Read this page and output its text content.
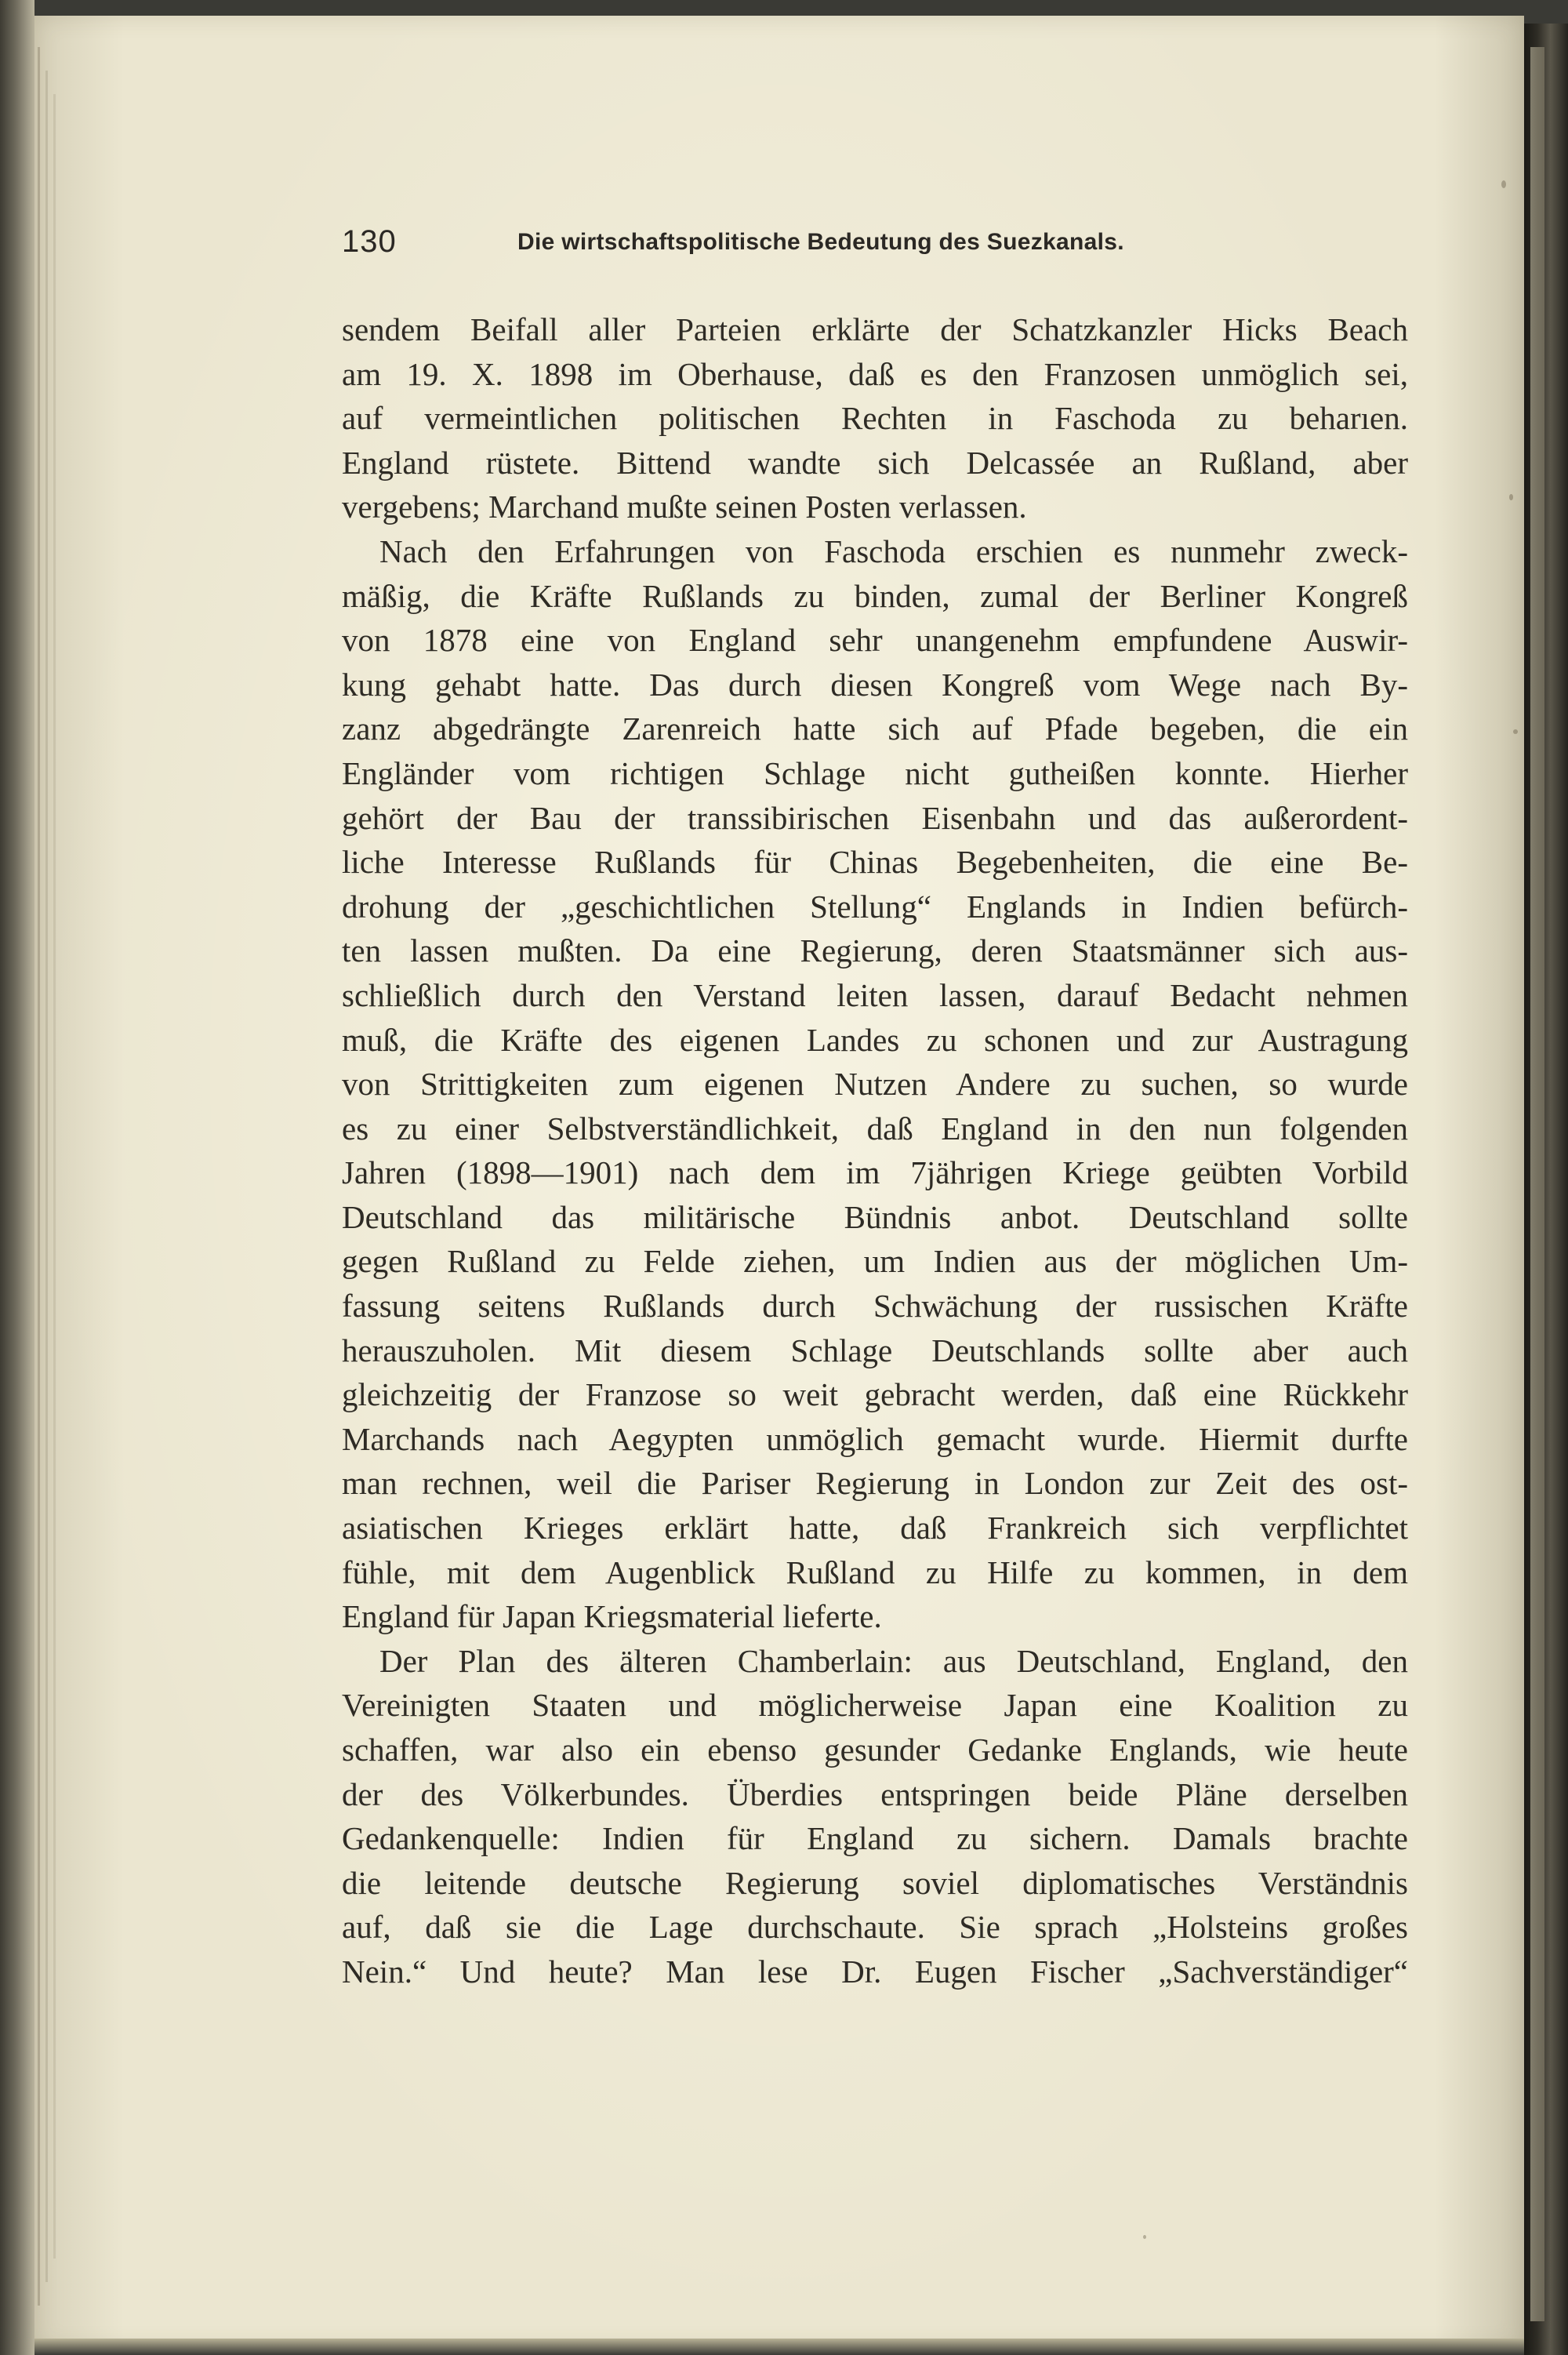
130	Die wirtschaftspolitische Bedeutung des Suezkanals.
sendem Beifall aller Parteien erklärte der Schatzkanzler Hicks Beach
am 19. X. 1898 im Oberhause, daß es den Franzosen unmöglich sei,
auf vermeintlichen politischen Rechten in Faschoda zu beharıen.
England rüstete. Bittend wandte sich Delcassée an Rußland, aber
vergebens; Marchand mußte seinen Posten verlassen.
Nach den Erfahrungen von Faschoda erschien es nunmehr zweck-
mäßig, die Kräfte Rußlands zu binden, zumal der Berliner Kongreß
von 1878 eine von England sehr unangenehm empfundene Auswir-
kung gehabt hatte. Das durch diesen Kongreß vom Wege nach By-
zanz abgedrängte Zarenreich hatte sich auf Pfade begeben, die ein
Engländer vom richtigen Schlage nicht gutheißen konnte. Hierher
gehört der Bau der transsibirischen Eisenbahn und das außerordent-
liche Interesse Rußlands für Chinas Begebenheiten, die eine Be-
drohung der „geschichtlichen Stellung“ Englands in Indien befürch-
ten lassen mußten. Da eine Regierung, deren Staatsmänner sich aus-
schließlich durch den Verstand leiten lassen, darauf Bedacht nehmen
muß, die Kräfte des eigenen Landes zu schonen und zur Austragung
von Strittigkeiten zum eigenen Nutzen Andere zu suchen, so wurde
es zu einer Selbstverständlichkeit, daß England in den nun folgenden
Jahren (1898—1901) nach dem im 7jährigen Kriege geübten Vorbild
Deutschland das militärische Bündnis anbot. Deutschland sollte
gegen Rußland zu Felde ziehen, um Indien aus der möglichen Um-
fassung seitens Rußlands durch Schwächung der russischen Kräfte
herauszuholen. Mit diesem Schlage Deutschlands sollte aber auch
gleichzeitig der Franzose so weit gebracht werden, daß eine Rückkehr
Marchands nach Aegypten unmöglich gemacht wurde. Hiermit durfte
man rechnen, weil die Pariser Regierung in London zur Zeit des ost-
asiatischen Krieges erklärt hatte, daß Frankreich sich verpflichtet
fühle, mit dem Augenblick Rußland zu Hilfe zu kommen, in dem
England für Japan Kriegsmaterial lieferte.
Der Plan des älteren Chamberlain: aus Deutschland, England, den
Vereinigten Staaten und möglicherweise Japan eine Koalition zu
schaffen, war also ein ebenso gesunder Gedanke Englands, wie heute
der des Völkerbundes. Überdies entspringen beide Pläne derselben
Gedankenquelle: Indien für England zu sichern. Damals brachte
die leitende deutsche Regierung soviel diplomatisches Verständnis
auf, daß sie die Lage durchschaute. Sie sprach „Holsteins großes
Nein.“ Und heute? Man lese Dr. Eugen Fischer „Sachverständiger“
